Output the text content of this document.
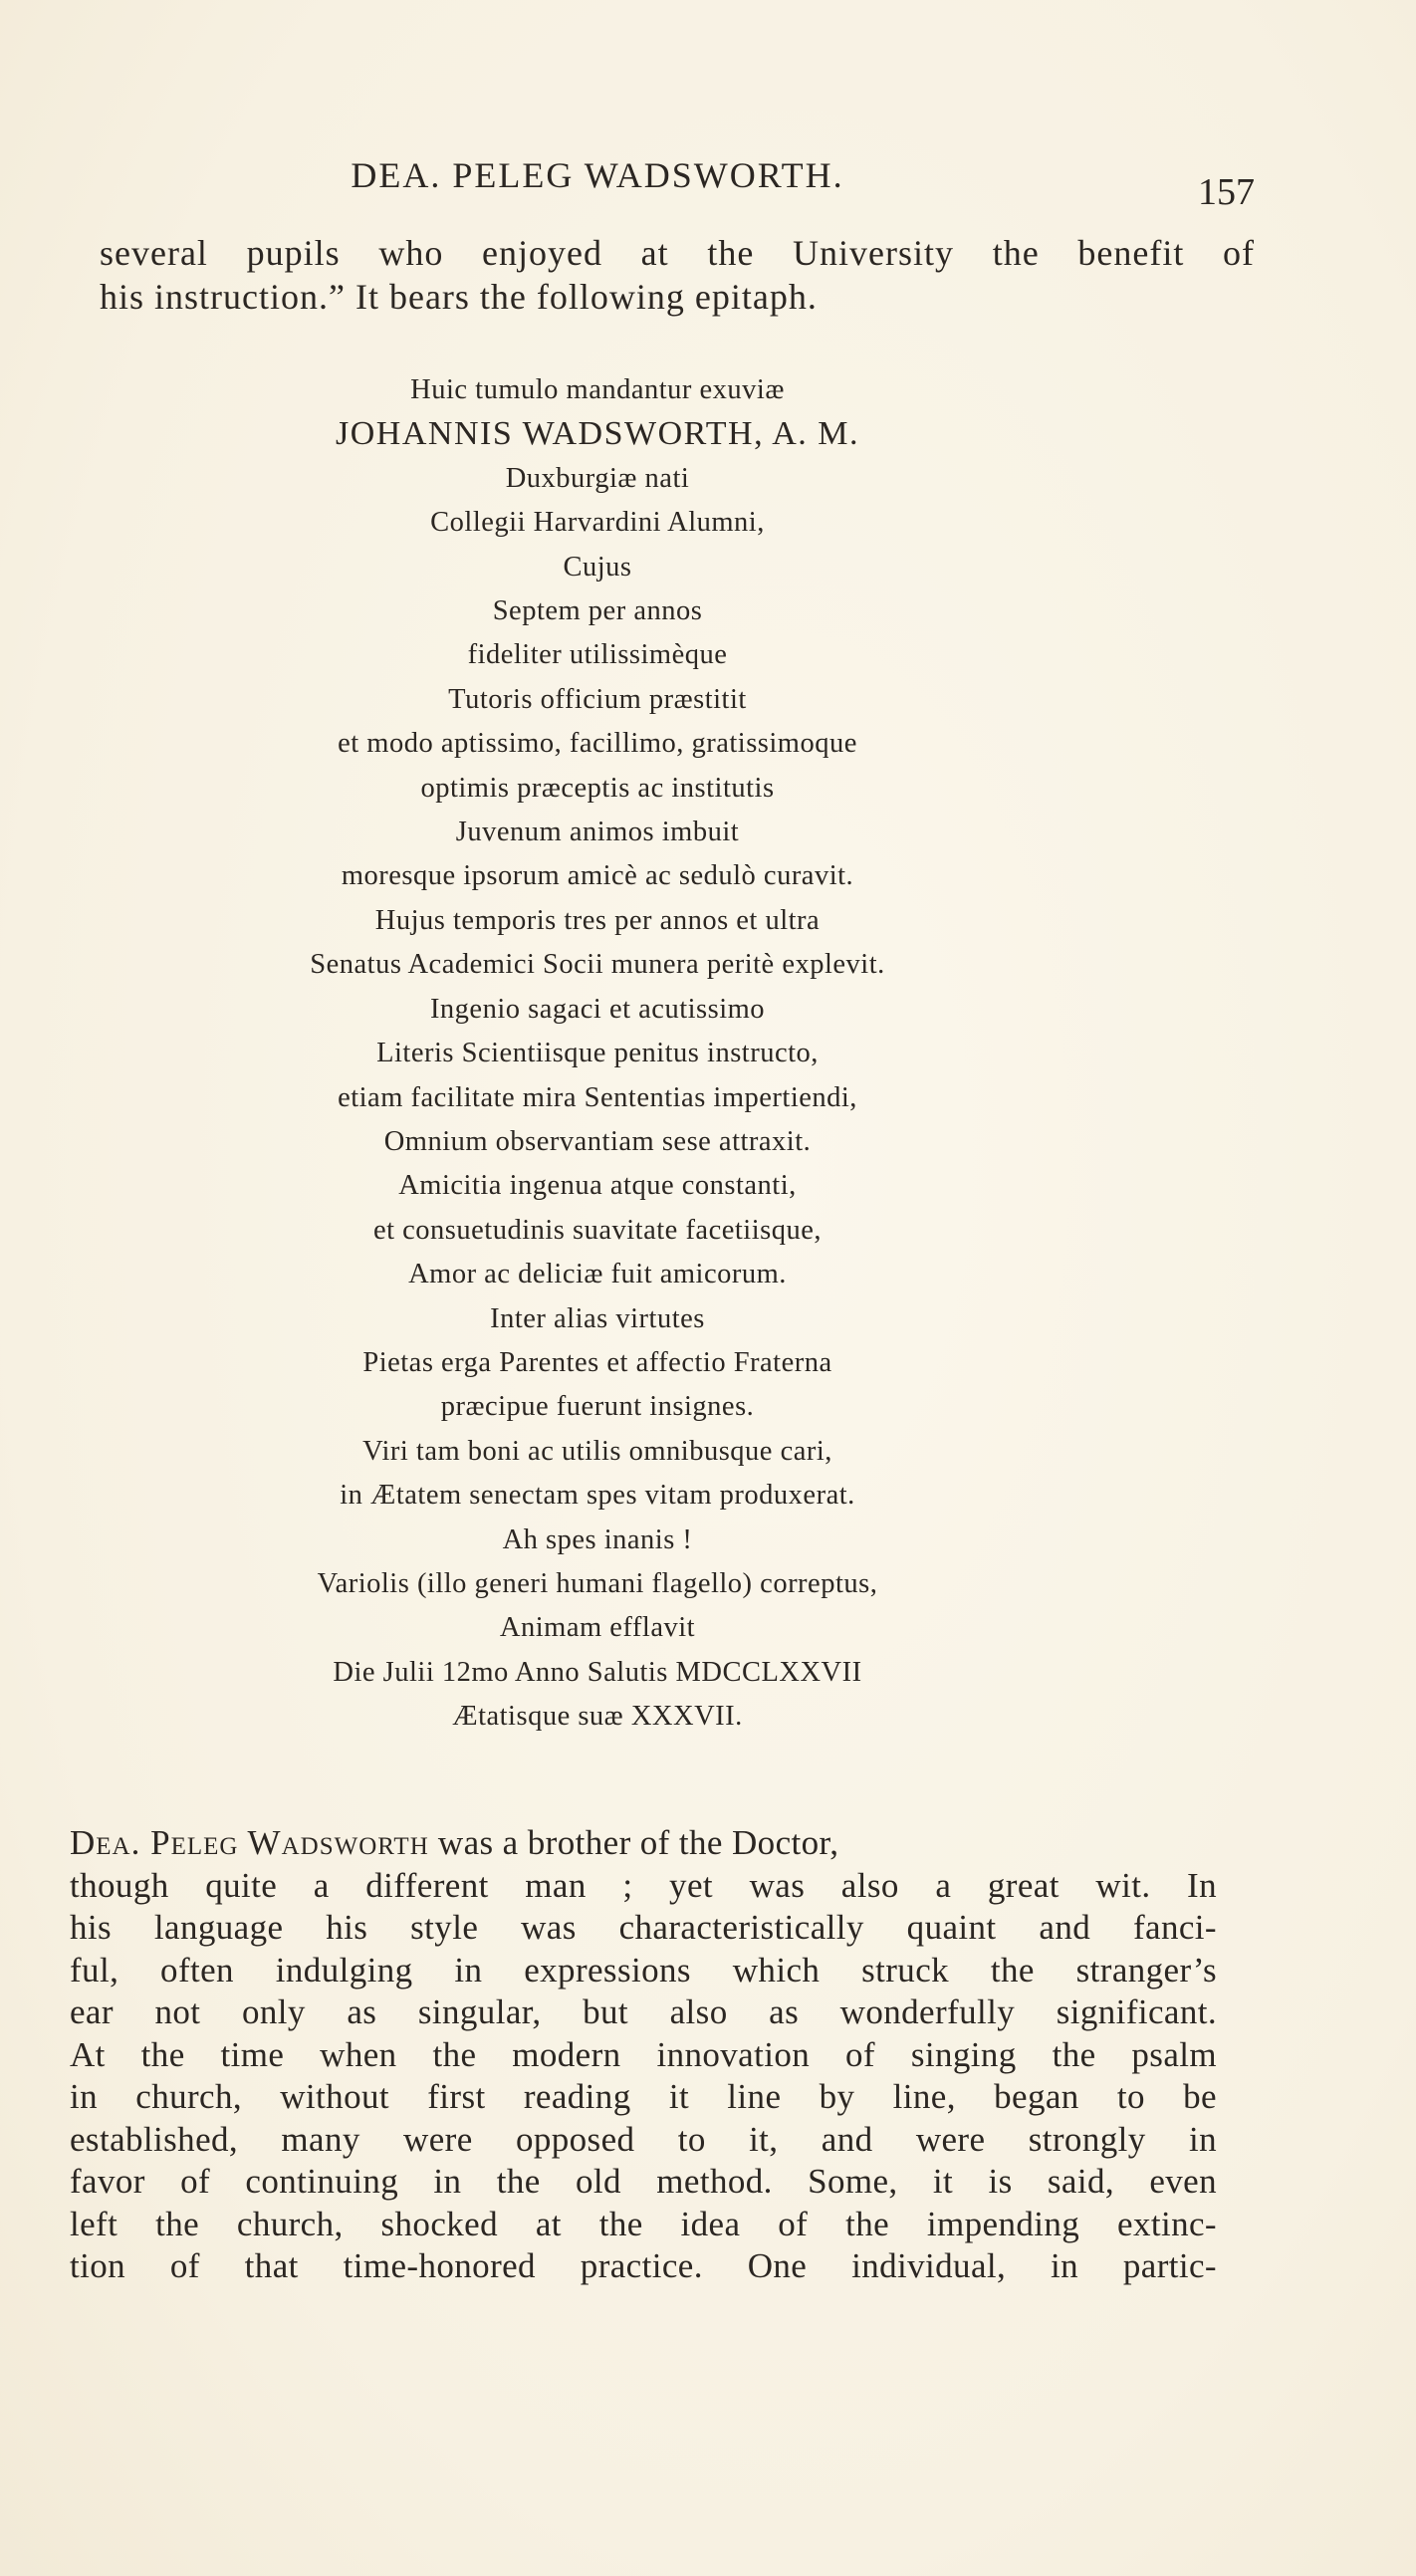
DEA. PELEG WADSWORTH.	157

several pupils who enjoyed at the University the benefit of

his instruction.” It bears the following epitaph.

Huic tumulo mandantur exuviæ

JOHANNIS WADSWORTH, A. M.

Duxburgiæ nati

Collegii Harvardini Alumni,

Cujus

Septem per annos

fideliter utilissimèque

Tutoris officium præstitit

et modo aptissimo, facillimo, gratissimoque

optimis præceptis ac institutis

Juvenum animos imbuit

moresque ipsorum amicè ac sedulò curavit.

Hujus temporis tres per annos et ultra

Senatus Academici Socii munera peritè explevit.

Ingenio sagaci et acutissimo

Literis Scientiisque penitus instructo,

etiam facilitate mira Sententias impertiendi,

Omnium observantiam sese attraxit.

Amicitia ingenua atque constanti,

et consuetudinis suavitate facetiisque,

Amor ac deliciæ fuit amicorum.

Inter alias virtutes

Pietas erga Parentes et affectio Fraterna

præcipue fuerunt insignes.

Viri tam boni ac utilis omnibusque cari,

in Ætatem senectam spes vitam produxerat.

Ah spes inanis !

Variolis (illo generi humani flagello) correptus,

Animam efflavit

Die Julii 12mo Anno Salutis MDCCLXXVII

Ætatisque suæ XXXVII.

Dea. Peleg Wadsworth was a brother of the Doctor,

though quite a different man ; yet was also a great wit. In

his language his style was characteristically quaint and fanci-

ful, often indulging in expressions which struck the stranger’s

ear not only as singular, but also as wonderfully significant.

At the time when the modern innovation of singing the psalm

in church, without first reading it line by line, began to be

established, many were opposed to it, and were strongly in

favor of continuing in the old method. Some, it is said, even

left the church, shocked at the idea of the impending extinc-

tion of that time-honored practice. One individual, in partic-
